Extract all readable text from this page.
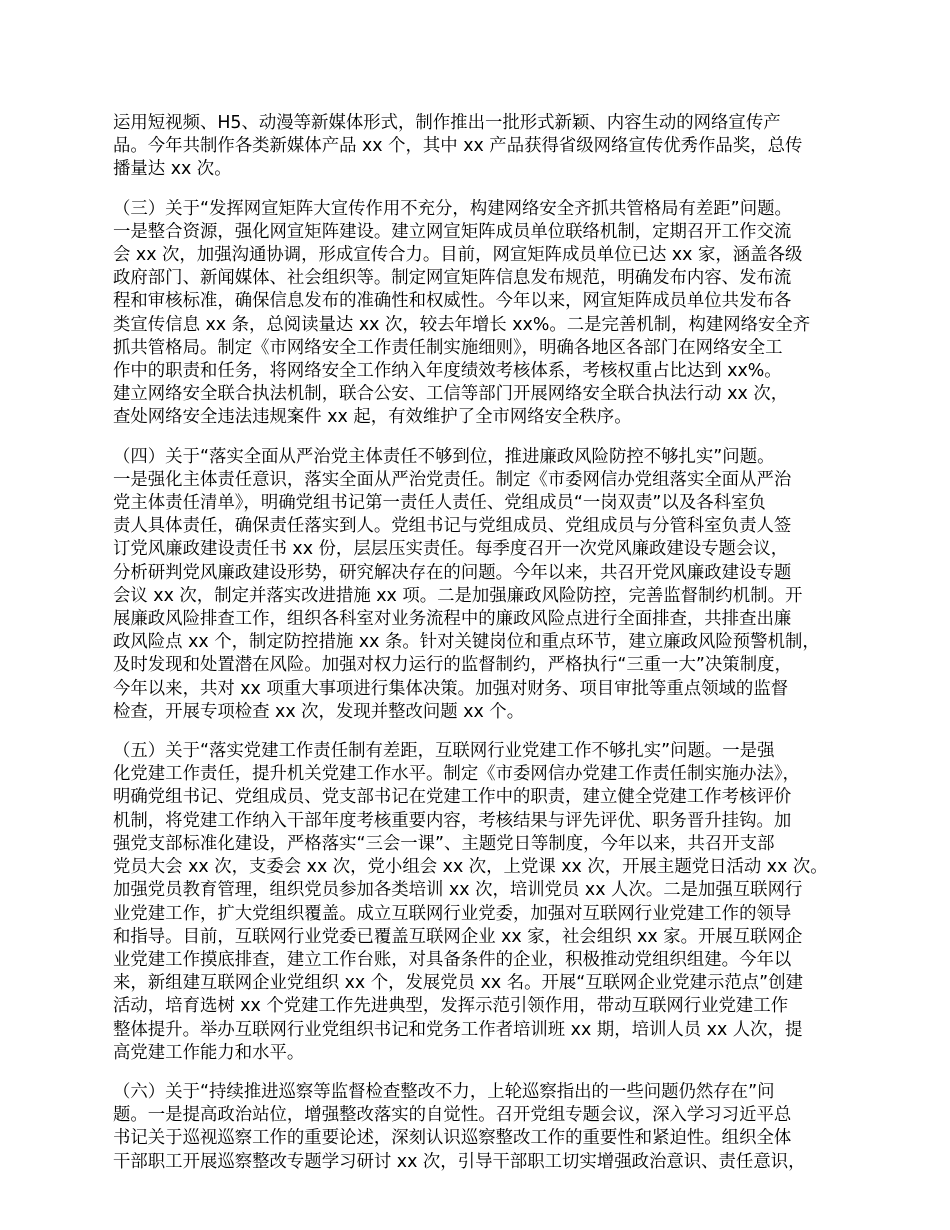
运用短视频、H5、动漫等新媒体形式，制作推出一批形式新颖、内容生动的网络宣传产
品。今年共制作各类新媒体产品 xx 个，其中 xx 产品获得省级网络宣传优秀作品奖，总传
播量达 xx 次。
（三）关于“发挥网宣矩阵大宣传作用不充分，构建网络安全齐抓共管格局有差距”问题。
一是整合资源，强化网宣矩阵建设。建立网宣矩阵成员单位联络机制，定期召开工作交流
会 xx 次，加强沟通协调，形成宣传合力。目前，网宣矩阵成员单位已达 xx 家，涵盖各级
政府部门、新闻媒体、社会组织等。制定网宣矩阵信息发布规范，明确发布内容、发布流
程和审核标准，确保信息发布的准确性和权威性。今年以来，网宣矩阵成员单位共发布各
类宣传信息 xx 条，总阅读量达 xx 次，较去年增长 xx%。二是完善机制，构建网络安全齐
抓共管格局。制定《市网络安全工作责任制实施细则》，明确各地区各部门在网络安全工
作中的职责和任务，将网络安全工作纳入年度绩效考核体系，考核权重占比达到 xx%。
建立网络安全联合执法机制，联合公安、工信等部门开展网络安全联合执法行动 xx 次，
查处网络安全违法违规案件 xx 起，有效维护了全市网络安全秩序。
（四）关于“落实全面从严治党主体责任不够到位，推进廉政风险防控不够扎实”问题。
一是强化主体责任意识，落实全面从严治党责任。制定《市委网信办党组落实全面从严治
党主体责任清单》，明确党组书记第一责任人责任、党组成员“一岗双责”以及各科室负
责人具体责任，确保责任落实到人。党组书记与党组成员、党组成员与分管科室负责人签
订党风廉政建设责任书 xx 份，层层压实责任。每季度召开一次党风廉政建设专题会议，
分析研判党风廉政建设形势，研究解决存在的问题。今年以来，共召开党风廉政建设专题
会议 xx 次，制定并落实改进措施 xx 项。二是加强廉政风险防控，完善监督制约机制。开
展廉政风险排查工作，组织各科室对业务流程中的廉政风险点进行全面排查，共排查出廉
政风险点 xx 个，制定防控措施 xx 条。针对关键岗位和重点环节，建立廉政风险预警机制，
及时发现和处置潜在风险。加强对权力运行的监督制约，严格执行“三重一大”决策制度，
今年以来，共对 xx 项重大事项进行集体决策。加强对财务、项目审批等重点领域的监督
检查，开展专项检查 xx 次，发现并整改问题 xx 个。
（五）关于“落实党建工作责任制有差距，互联网行业党建工作不够扎实”问题。一是强
化党建工作责任，提升机关党建工作水平。制定《市委网信办党建工作责任制实施办法》，
明确党组书记、党组成员、党支部书记在党建工作中的职责，建立健全党建工作考核评价
机制，将党建工作纳入干部年度考核重要内容，考核结果与评先评优、职务晋升挂钩。加
强党支部标准化建设，严格落实“三会一课”、主题党日等制度，今年以来，共召开支部
党员大会 xx 次，支委会 xx 次，党小组会 xx 次，上党课 xx 次，开展主题党日活动 xx 次。
加强党员教育管理，组织党员参加各类培训 xx 次，培训党员 xx 人次。二是加强互联网行
业党建工作，扩大党组织覆盖。成立互联网行业党委，加强对互联网行业党建工作的领导
和指导。目前，互联网行业党委已覆盖互联网企业 xx 家，社会组织 xx 家。开展互联网企
业党建工作摸底排查，建立工作台账，对具备条件的企业，积极推动党组织组建。今年以
来，新组建互联网企业党组织 xx 个，发展党员 xx 名。开展“互联网企业党建示范点”创建
活动，培育选树 xx 个党建工作先进典型，发挥示范引领作用，带动互联网行业党建工作
整体提升。举办互联网行业党组织书记和党务工作者培训班 xx 期，培训人员 xx 人次，提
高党建工作能力和水平。
（六）关于“持续推进巡察等监督检查整改不力，上轮巡察指出的一些问题仍然存在”问
题。一是提高政治站位，增强整改落实的自觉性。召开党组专题会议，深入学习习近平总
书记关于巡视巡察工作的重要论述，深刻认识巡察整改工作的重要性和紧迫性。组织全体
干部职工开展巡察整改专题学习研讨 xx 次，引导干部职工切实增强政治意识、责任意识，
